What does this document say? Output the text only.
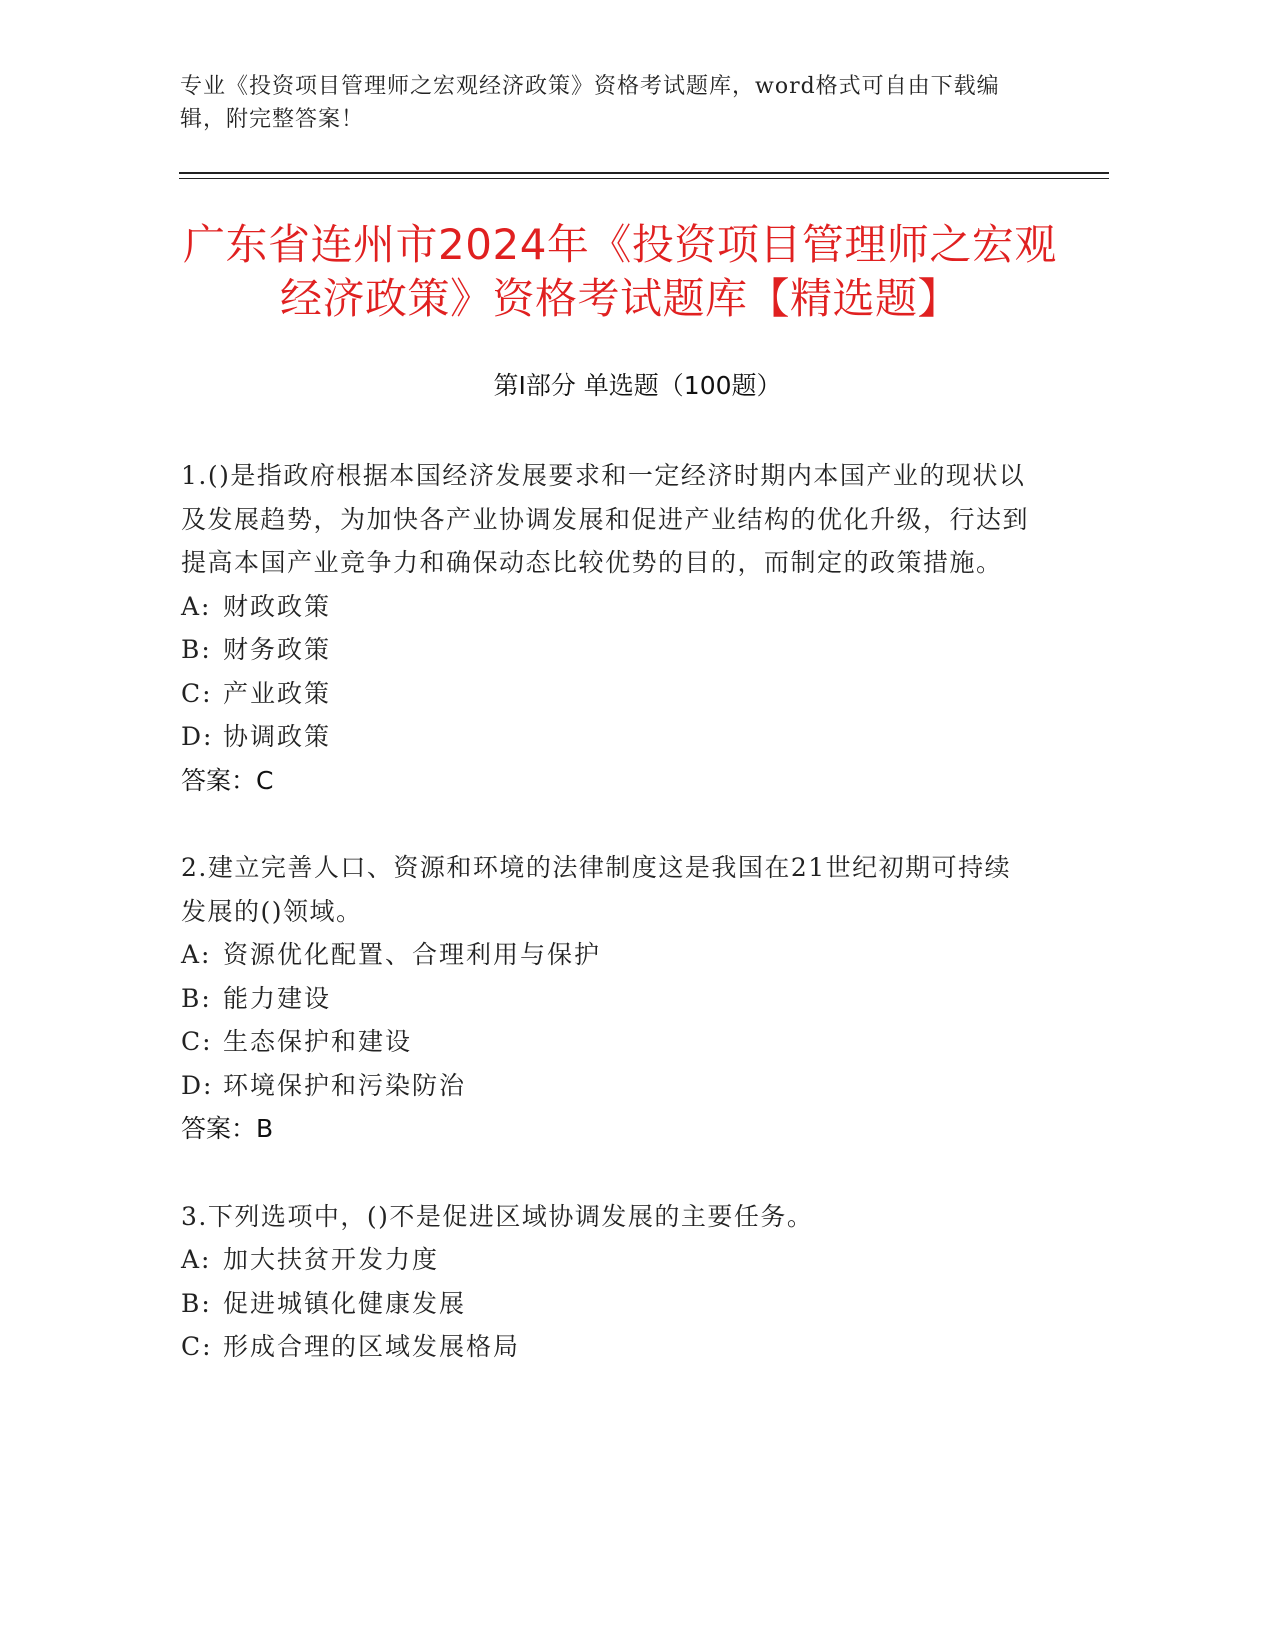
专业《投资项目管理师之宏观经济政策》资格考试题库，word格式可自由下载编辑，附完整答案！
广东省连州市2024年《投资项目管理师之宏观经济政策》资格考试题库【精选题】
第Ⅰ部分 单选题（100题）

1.()是指政府根据本国经济发展要求和一定经济时期内本国产业的现状以及发展趋势，为加快各产业协调发展和促进产业结构的优化升级，行达到提高本国产业竞争力和确保动态比较优势的目的，而制定的政策措施。

A: 财政政策

B: 财务政策

C: 产业政策

D: 协调政策

答案：C

2.建立完善人口、资源和环境的法律制度这是我国在21世纪初期可持续发展的()领域。

A: 资源优化配置、合理利用与保护

B: 能力建设

C: 生态保护和建设

D: 环境保护和污染防治

答案：B

3.下列选项中，()不是促进区域协调发展的主要任务。

A: 加大扶贫开发力度

B: 促进城镇化健康发展

C: 形成合理的区域发展格局
